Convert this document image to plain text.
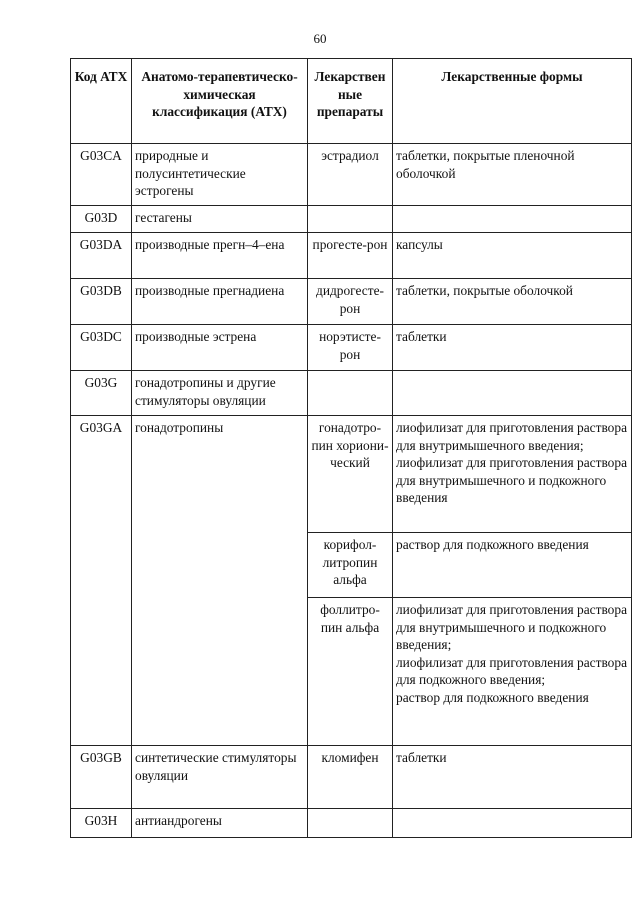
60
Код АТХ	Анатомо-терапевтическо-химическая классификация (АТХ)	Лекарствен ные препараты	Лекарственные формы
G03CA	природные и полусинтетические эстрогены	эстрадиол	таблетки, покрытые пленочной оболочкой

G03D	гестагены		
G03DA	производные прегн–4–ена	прогесте-рон	капсулы

G03DB	производные прегнадиена	дидрогесте-рон	таблетки, покрытые оболочкой

G03DC	производные эстрена	норэтисте-рон	таблетки

G03G	гонадотропины и другие стимуляторы овуляции		
G03GA	гонадотропины	гонадотро-пин хориони-ческий	лиофилизат для приготовления раствора для внутримышечного введения;
лиофилизат для приготовления раствора для внутримышечного и подкожного введения

		корифол-литропин альфа	раствор для подкожного введения

		фоллитро-пин альфа	лиофилизат для приготовления раствора для внутримышечного и подкожного введения;
лиофилизат для приготовления раствора для подкожного введения;
раствор для подкожного введения

G03GB	синтетические стимуляторы овуляции	кломифен	таблетки

G03H	антиандрогены		
